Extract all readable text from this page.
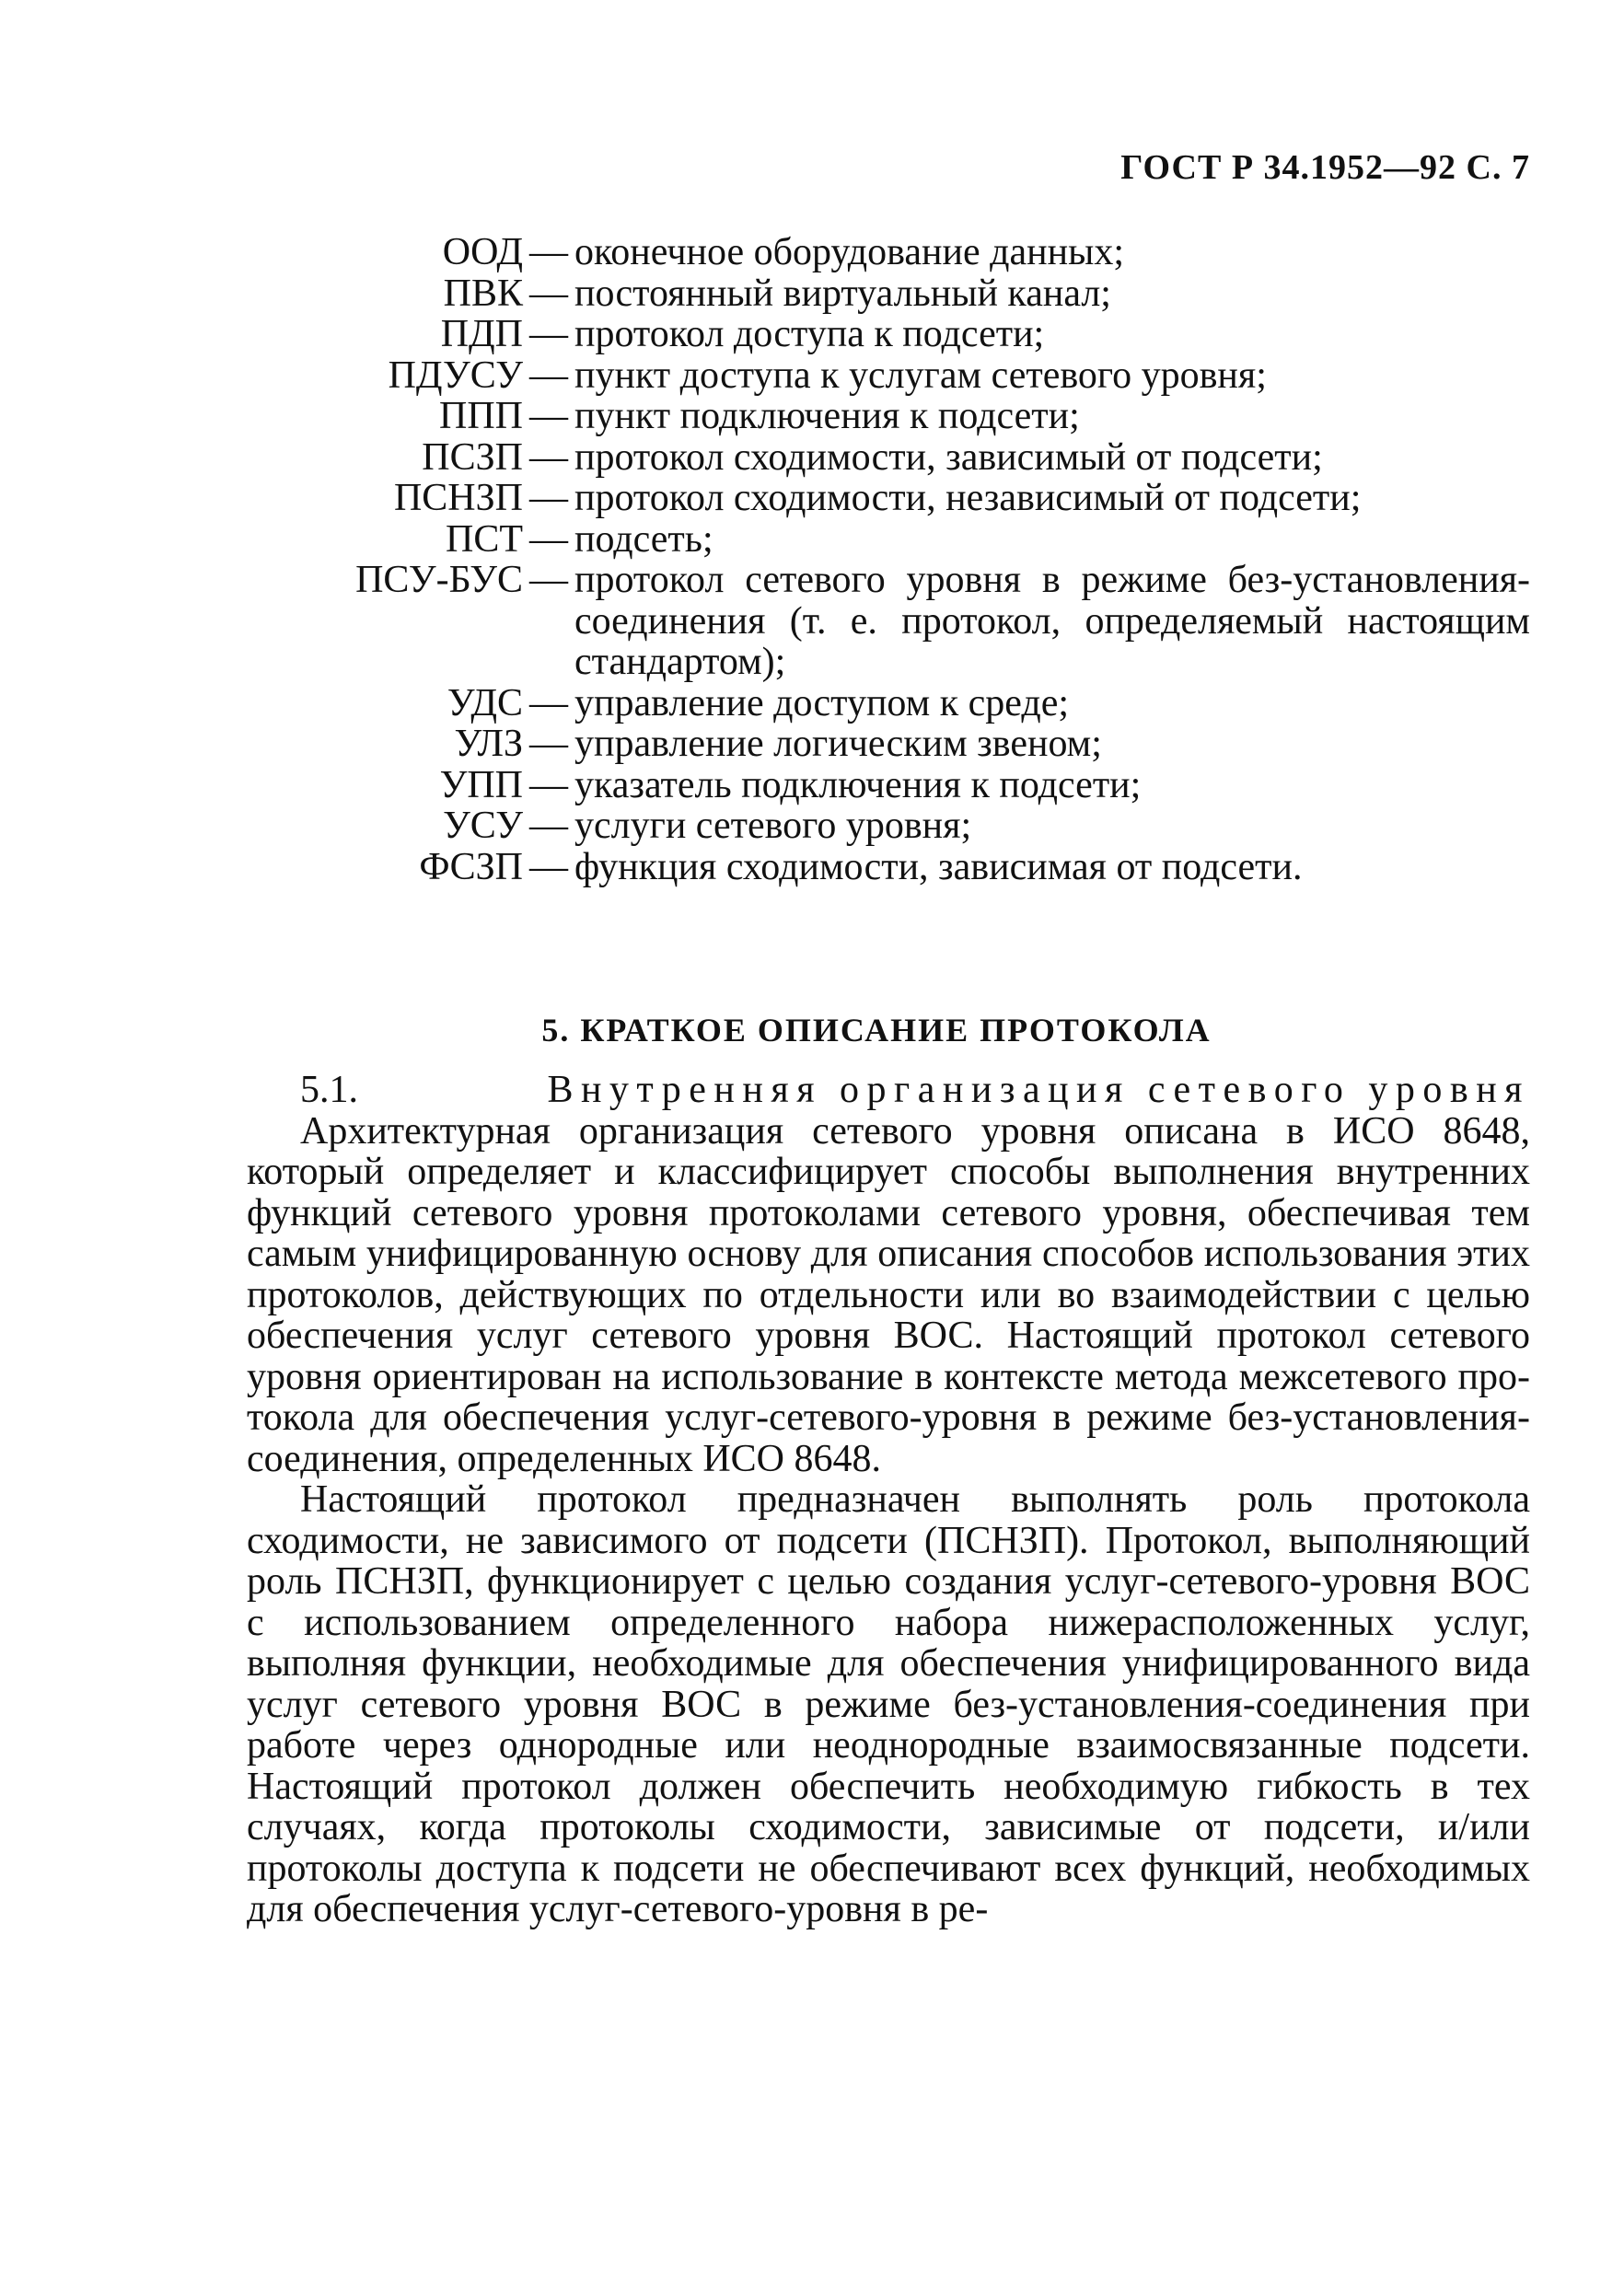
ГОСТ Р 34.1952—92 С. 7
ООД — оконечное оборудование данных;
ПВК — постоянный виртуальный канал;
ПДП — протокол доступа к подсети;
ПДУСУ — пункт доступа к услугам сетевого уровня;
ППП — пункт подключения к подсети;
ПСЗП — протокол сходимости, зависимый от подсети;
ПСНЗП — протокол сходимости, независимый от подсети;
ПСТ — подсеть;
ПСУ-БУС — протокол сетевого уровня в режиме без-установления-соединения (т. е. протокол, определяемый настоящим стандартом);
УДС — управление доступом к среде;
УЛЗ — управление логическим звеном;
УПП — указатель подключения к подсети;
УСУ — услуги сетевого уровня;
ФСЗП — функция сходимости, зависимая от подсети.
5. КРАТКОЕ ОПИСАНИЕ ПРОТОКОЛА
5.1.	Внутренняя организация сетевого уровня

Архитектурная организация сетевого уровня описана в ИСО 8648, который определяет и классифицирует способы выполнения внутренних функций сетевого уровня протоколами сетевого уровня, обеспечивая тем самым унифицированную основу для описания способов использования этих протоколов, действующих по отдельности или во взаимодействии с целью обеспечения услуг сетевого уровня ВОС. Настоящий протокол сетевого уровня ориентирован на использование в контексте метода межсетевого протокола для обеспечения услуг-сетевого-уровня в режиме без-установления-соединения, определенных ИСО 8648.

Настоящий протокол предназначен выполнять роль протокола сходимости, не зависимого от подсети (ПСНЗП). Протокол, выполняющий роль ПСНЗП, функционирует с целью создания услуг-сетевого-уровня ВОС с использованием определенного набора нижерасположенных услуг, выполняя функции, необходимые для обеспечения унифицированного вида услуг сетевого уровня ВОС в режиме без-установления-соединения при работе через однородные или неоднородные взаимосвязанные подсети. Настоящий протокол должен обеспечить необходимую гибкость в тех случаях, когда протоколы сходимости, зависимые от подсети, и/или протоколы доступа к подсети не обеспечивают всех функций, необходимых для обеспечения услуг-сетевого-уровня в ре-
